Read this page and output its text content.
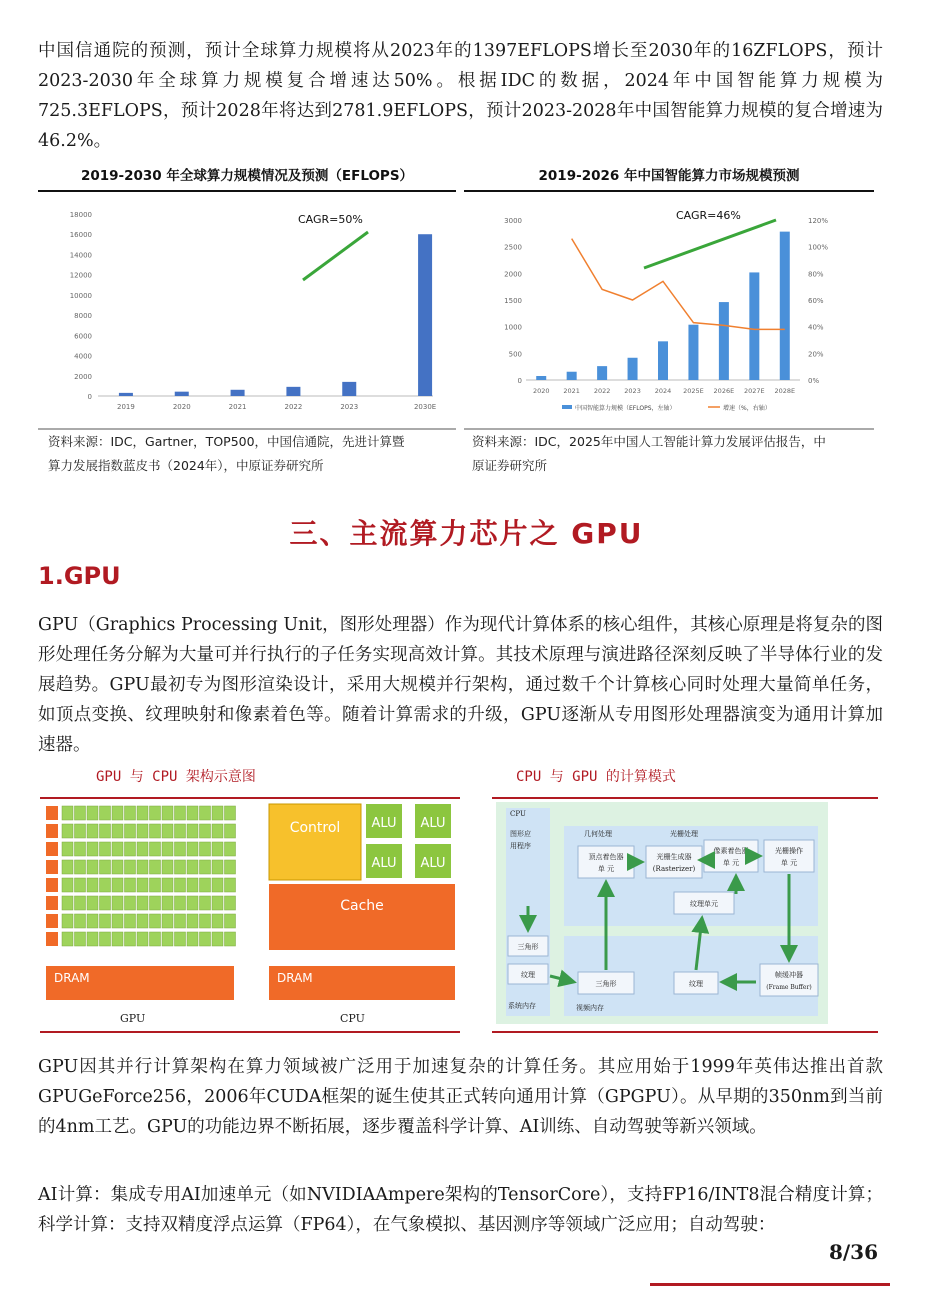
中国信通院的预测，预计全球算力规模将从2023年的1397EFLOPS增长至2030年的16ZFLOPS，预计2023-2030年全球算力规模复合增速达50%。根据IDC的数据，2024年中国智能算力规模为725.3EFLOPS，预计2028年将达到2781.9EFLOPS，预计2023-2028年中国智能算力规模的复合增速为46.2%。

2019-2030 年全球算力规模情况及预测（EFLOPS）
0
2000
4000
6000
8000
10000
12000
14000
16000
18000
2019	2020	2021	2022	2023	2030E
CAGR=50%
2019-2026 年中国智能算力市场规模预测
0
500
1000
1500
2000
2500
3000
0%
20%
40%
60%
80%
100%
120%
2020 2021 2022 2023 2024 2025E 2026E 2027E 2028E
CAGR=46%
中国智能算力规模（EFLOPS，左轴）	增速（%，右轴）
资料来源：IDC，Gartner，TOP500，中国信通院，先进计算暨
算力发展指数蓝皮书（2024年），中原证券研究所
资料来源：IDC，2025年中国人工智能计算力发展评估报告，中
原证券研究所
三、主流算力芯片之 GPU
1.GPU

GPU（Graphics Processing Unit，图形处理器）作为现代计算体系的核心组件，其核心原理是将复杂的图形处理任务分解为大量可并行执行的子任务实现高效计算。其技术原理与演进路径深刻反映了半导体行业的发展趋势。GPU最初专为图形渲染设计，采用大规模并行架构，通过数千个计算核心同时处理大量简单任务，如顶点变换、纹理映射和像素着色等。随着计算需求的升级，GPU逐渐从专用图形处理器演变为通用计算加速器。

GPU 与 CPU 架构示意图	CPU 与 GPU 的计算模式
DRAM
GPU
Control ALU ALU
ALU ALU
Cache
DRAM
CPU
CPU
图形应
用程序
几何处理	光栅处理
顶点着色器
单 元
光栅生成器
(Rasterizer)
像素着色器
单 元
光栅操作
单 元
纹理单元
三角形
纹理
三角形	纹理
帧缓冲器
(Frame Buffer)
系统内存	视频内存

GPU因其并行计算架构在算力领域被广泛用于加速复杂的计算任务。其应用始于1999年英伟达推出首款GPUGeForce256，2006年CUDA框架的诞生使其正式转向通用计算（GPGPU）。从早期的350nm到当前的4nm工艺。GPU的功能边界不断拓展，逐步覆盖科学计算、AI训练、自动驾驶等新兴领域。

AI计算：集成专用AI加速单元（如NVIDIAAmpere架构的TensorCore），支持FP16/INT8混合精度计算；科学计算：支持双精度浮点运算（FP64），在气象模拟、基因测序等领域广泛应用；自动驾驶：

8/36
